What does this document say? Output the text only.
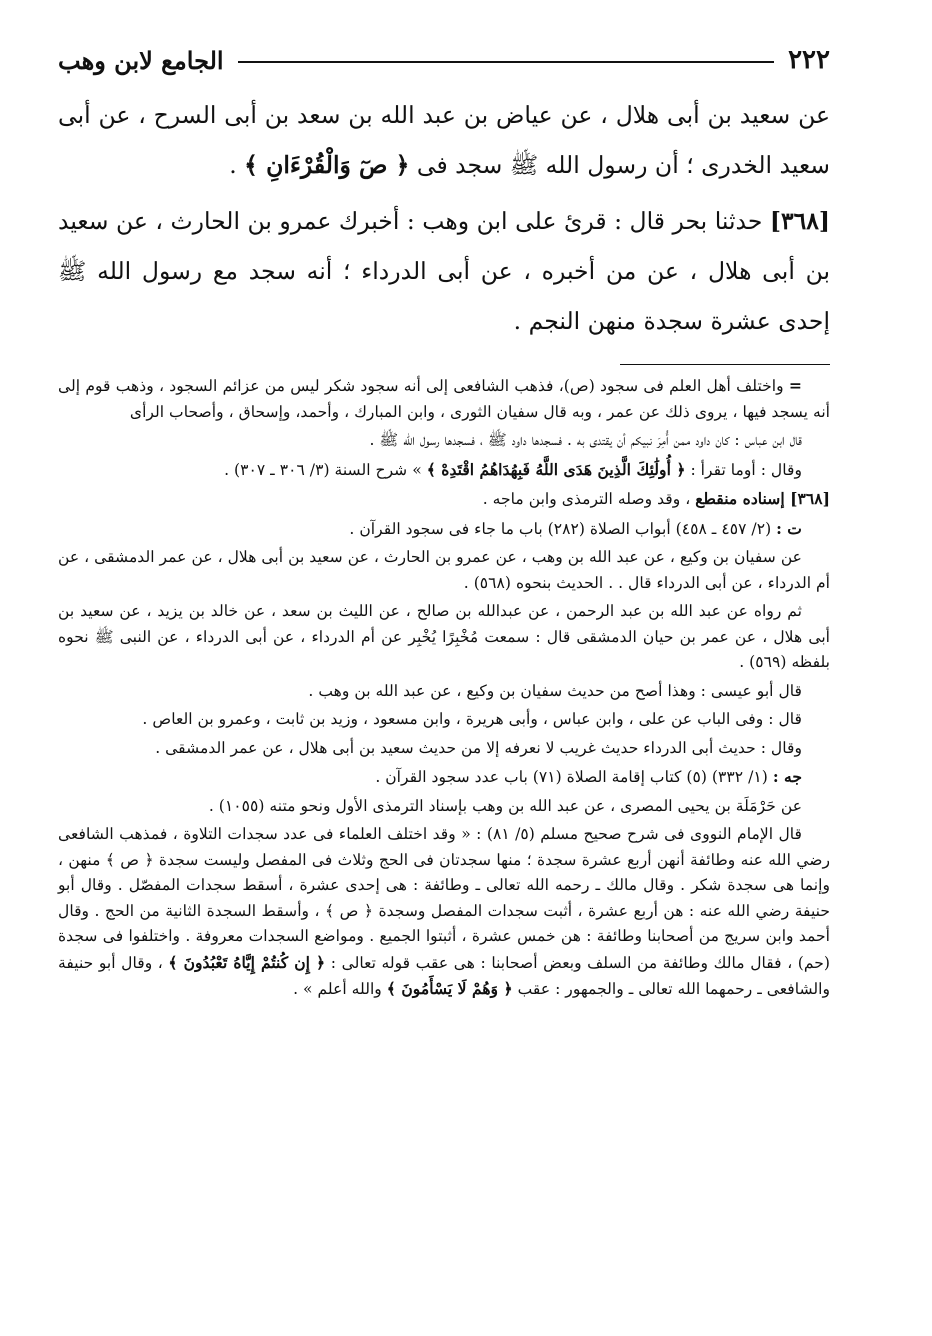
٢٢٢
الجامع لابن وهب

عن سعيد بن أبى هلال ، عن عياض بن عبد الله بن سعد بن أبى السرح ، عن أبى سعيد الخدرى ؛ أن رسول الله ﷺ سجد فى ﴿ صٓ وَالْقُرْءَانِ ﴾ .

[٣٦٨] حدثنا بحر قال : قرئ على ابن وهب : أخبرك عمرو بن الحارث ، عن سعيد بن أبى هلال ، عن من أخبره ، عن أبى الدرداء ؛ أنه سجد مع رسول الله ﷺ إحدى عشرة سجدة منهن النجم .

= واختلف أهل العلم فى سجود (ص)، فذهب الشافعى إلى أنه سجود شكر ليس من عزائم السجود ، وذهب قوم إلى أنه يسجد فيها ، يروى ذلك عن عمر ، وبه قال سفيان الثورى ، وابن المبارك ، وأحمد، وإسحاق ، وأصحاب الرأى

قال ابن عباس : كان داود ممن أُمِرَ نبيكم أن يقتدى به . فسجدها داود ﷺ ، فسجدها رسول الله ﷺ .

وقال : أوما تقرأ : ﴿ أُولَٰئِكَ الَّذِينَ هَدَى اللَّهُ فَبِهُدَاهُمُ اقْتَدِهْ ﴾ » شرح السنة (٣/ ٣٠٦ ـ ٣٠٧) .

[٣٦٨] إسناده منقطع ، وقد وصله الترمذى وابن ماجه .

ت : (٢/ ٤٥٧ ـ ٤٥٨) أبواب الصلاة (٢٨٢) باب ما جاء فى سجود القرآن .

عن سفيان بن وكيع ، عن عبد الله بن وهب ، عن عمرو بن الحارث ، عن سعيد بن أبى هلال ، عن عمر الدمشقى ، عن أم الدرداء ، عن أبى الدرداء قال . . الحديث بنحوه (٥٦٨) .

ثم رواه عن عبد الله بن عبد الرحمن ، عن عبدالله بن صالح ، عن الليث بن سعد ، عن خالد بن يزيد ، عن سعيد بن أبى هلال ، عن عمر بن حيان الدمشقى قال : سمعت مُخْبِرًا يُخْبِر عن أم الدرداء ، عن أبى الدرداء ، عن النبى ﷺ نحوه بلفظه (٥٦٩) .

قال أبو عيسى : وهذا أصح من حديث سفيان بن وكيع ، عن عبد الله بن وهب .

قال : وفى الباب عن على ، وابن عباس ، وأبى هريرة ، وابن مسعود ، وزيد بن ثابت ، وعمرو بن العاص .

وقال : حديث أبى الدرداء حديث غريب لا نعرفه إلا من حديث سعيد بن أبى هلال ، عن عمر الدمشقى .

جه : (١/ ٣٣٢) (٥) كتاب إقامة الصلاة (٧١) باب عدد سجود القرآن .

عن حَرْمَلَة بن يحيى المصرى ، عن عبد الله بن وهب بإسناد الترمذى الأول ونحو متنه (١٠٥٥) .

قال الإمام النووى فى شرح صحيح مسلم (٥/ ٨١) : « وقد اختلف العلماء فى عدد سجدات التلاوة ، فمذهب الشافعى رضي الله عنه وطائفة أنهن أربع عشرة سجدة ؛ منها سجدتان فى الحج وثلاث فى المفصل وليست سجدة ﴿ ص ﴾ منهن ، وإنما هى سجدة شكر . وقال مالك ـ رحمه الله تعالى ـ وطائفة : هى إحدى عشرة ، أسقط سجدات المفصّل . وقال أبو حنيفة رضي الله عنه : هن أربع عشرة ، أثبت سجدات المفصل وسجدة ﴿ ص ﴾ ، وأسقط السجدة الثانية من الحج . وقال أحمد وابن سريج من أصحابنا وطائفة : هن خمس عشرة ، أثبتوا الجميع . ومواضع السجدات معروفة . واختلفوا فى سجدة (حم) ، فقال مالك وطائفة من السلف وبعض أصحابنا : هى عقب قوله تعالى : ﴿ إِن كُنتُمْ إِيَّاهُ تَعْبُدُونَ ﴾ ، وقال أبو حنيفة والشافعى ـ رحمهما الله تعالى ـ والجمهور : عقب ﴿ وَهُمْ لَا يَسْأَمُونَ ﴾ والله أعلم » .
